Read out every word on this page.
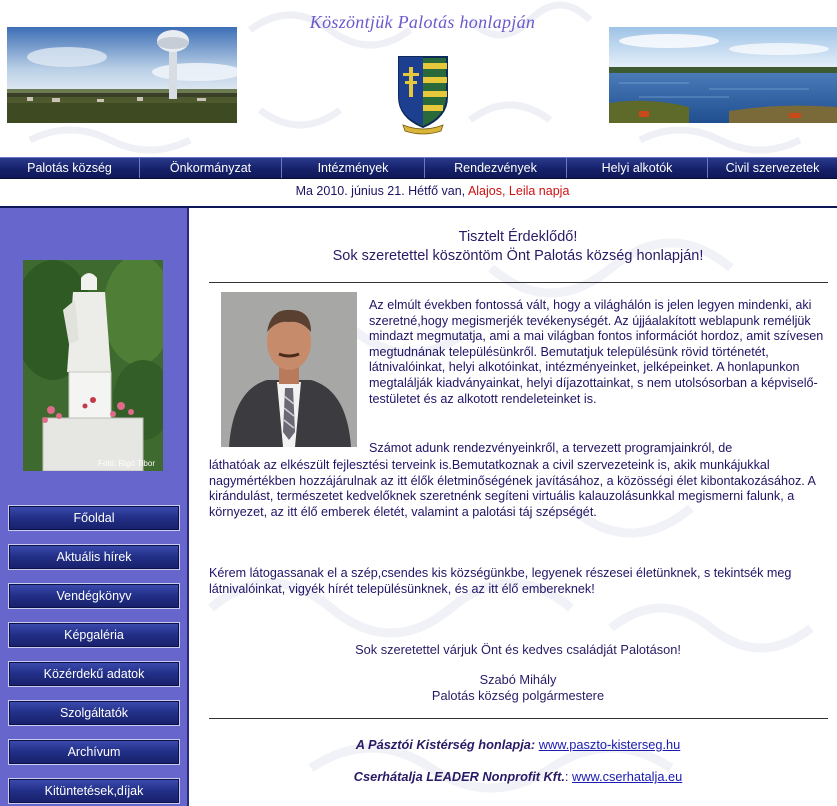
Köszöntjük Palotás honlapján
Palotás község	Önkormányzat	Intézmények	Rendezvények	Helyi alkotók	Civil szervezetek
Ma 2010. június 21. Hétfő van, Alajos, Leila napja
Fotó: Rigó Tibor
Főoldal
Aktuális hírek
Vendégkönyv
Képgaléria
Közérdekű adatok
Szolgáltatók
Archívum
Kitüntetések,díjak
Tisztelt Érdeklődő!
Sok szeretettel köszöntöm Önt Palotás község honlapján!
Az elmúlt években fontossá vált, hogy a világhálón is jelen legyen mindenki, aki szeretné,hogy megismerjék tevékenységét. Az újjáalakított weblapunk reméljük mindazt megmutatja, ami a mai világban fontos információt hordoz, amit szívesen megtudnának településünkről. Bemutatjuk településünk rövid történetét, látnivalóinkat, helyi alkotóinkat, intézményeinket, jelképeinket. A honlapunkon megtalálják kiadványainkat, helyi díjazottainkat, s nem utolsósorban a képviselő-testületet és az alkotott rendeleteinket is.
Számot adunk rendezvényeinkről, a tervezett programjainkról, de
láthatóak az elkészült fejlesztési terveink is.Bemutatkoznak a civil szervezeteink is, akik munkájukkal nagymértékben hozzájárulnak az itt élők életminőségének javításához, a közösségi élet kibontakozásához. A kirándulást, természetet kedvelőknek szeretnénk segíteni virtuális kalauzolásunkkal megismerni falunk, a környezet, az itt élő emberek életét, valamint a palotási táj szépségét.
Kérem látogassanak el a szép,csendes kis községünkbe, legyenek részesei életünknek, s tekintsék meg látnivalóinkat, vigyék hírét településünknek, és az itt élő embereknek!
Sok szeretettel várjuk Önt és kedves családját Palotáson!
Szabó Mihály
Palotás község polgármestere
A Pásztói Kistérség honlapja: www.paszto-kisterseg.hu
Cserhátalja LEADER Nonprofit Kft.: www.cserhatalja.eu
